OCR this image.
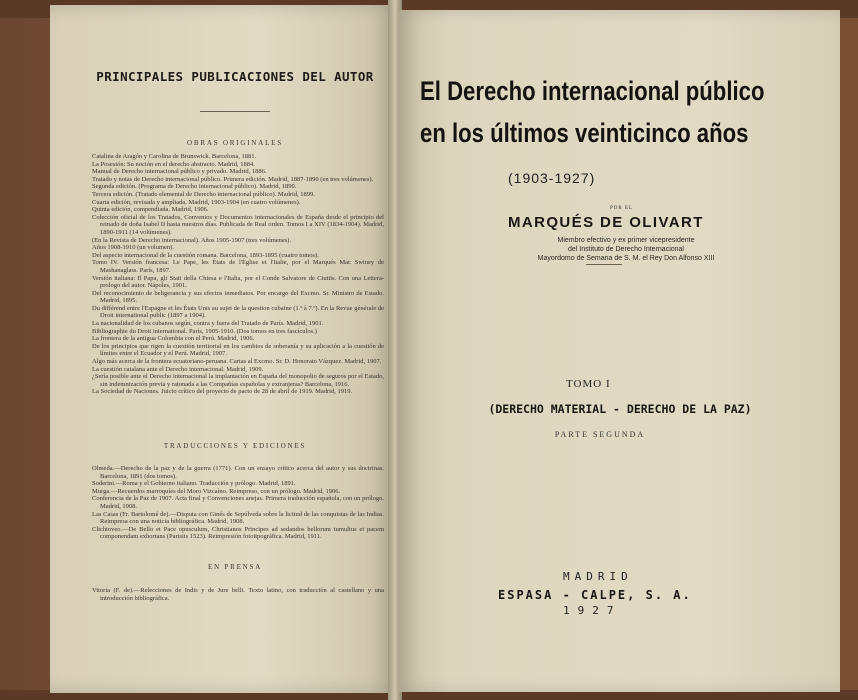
PRINCIPALES PUBLICACIONES DEL AUTOR
OBRAS ORIGINALES

Catalina de Aragón y Carolina de Brunswick. Barcelona, 1881.

La Posesión: Su noción en el derecho abstracto. Madrid, 1884.

Manual de Derecho internacional público y privado. Madrid, 1886.

Tratado y notas de Derecho internacional público. Primera edición. Madrid, 1887-1890 (en tres volúmenes).

Segunda edición. (Programa de Derecho internacional público). Madrid, 1890.

Tercera edición. (Tratado elemental de Derecho internacional público). Madrid, 1899.

Cuarta edición, revisada y ampliada. Madrid, 1903-1904 (en cuatro volúmenes).

Quinta edición, compendiada. Madrid, 1906.

Colección oficial de los Tratados, Convenios y Documentos internacionales de España desde el principio del reinado de doña Isabel II hasta nuestros días. Publicada de Real orden. Tomos I a XIV (1834-1904). Madrid, 1890-1911 (14 volúmenes).

(En la Revista de Derecho internacional). Años 1905-1907 (tres volúmenes).

Años 1908-1910 (un volumen).

Del aspecto internacional de la cuestión romana. Barcelona, 1893-1895 (cuatro tomos).

Tomo IV. Versión francesa: Le Pape, les États de l'Église et l'Italie, por el Marqués Mac Swiney de Mashanaglass. París, 1897.

Versión italiana: Il Papa, gli Stati della Chiesa e l'Italia, por el Conde Salvatore de Ciutiis. Con una Lettera-prologo del autor. Nápoles, 1901.

Del reconocimiento de beligerancia y sus efectos inmediatos. Por encargo del Excmo. Sr. Ministro de Estado. Madrid, 1895.

Du différend entre l'Espagne et les États Unis au sujet de la question cubaine (1.º à 7.º). En la Revue générale de Droit international public (1897 a 1904).

La nacionalidad de los cubanos según, contra y fuera del Tratado de París. Madrid, 1901.

Bibliographie du Droit international. París, 1905-1910. (Dos tomos en tres fascículos.)

La frontera de la antigua Colombia con el Perú. Madrid, 1906.

De los principios que rigen la cuestión territorial en los cambios de soberanía y su aplicación a la cuestión de límites entre el Ecuador y el Perú. Madrid, 1907.

Algo más acerca de la frontera ecuatoriano-peruana. Cartas al Excmo. Sr. D. Honorato Vázquez. Madrid, 1907.

La cuestión catalana ante el Derecho internacional. Madrid, 1909.

¿Sería posible ante el Derecho internacional la implantación en España del monopolio de seguros por el Estado, sin indemnización previa y ratonada a las Compañías españolas y extranjeras? Barcelona, 1916.

La Sociedad de Naciones. Juicio crítico del proyecto de pacto de 28 de abril de 1919. Madrid, 1919.

TRADUCCIONES Y EDICIONES

Olmeda.—Derecho de la paz y de la guerra (1771). Con un ensayo crítico acerca del autor y sus doctrinas. Barcelona, 1891 (dos tomos).

Soderini.—Roma y el Gobierno italiano. Traducción y prólogo. Madrid, 1891.

Murga.—Recuerdos marroquíes del Moro Vizcaíno. Reimpreso, con un prólogo. Madrid, 1906.

Conferencia de la Paz de 1907. Acta final y Convenciones anejas. Primera traducción española, con un prólogo. Madrid, 1908.

Las Casas (Fr. Bartolomé de).—Disputa con Ginés de Sepúlveda sobre la licitud de las conquistas de las Indias. Reimpresa con una noticia bibliográfica. Madrid, 1908.

Clichtoveo.—De Bello et Pace opusculum, Christianos Principes ad sedandos bellorum tumultus et pacem componendam exhortans (Parisiis 1523). Reimpresión fotoitpográfica. Madrid, 1911.

EN PRENSA

Vitoria (F. de).—Relecciones de Indis y de Jure belli. Texto latino, con traducción al castellano y una introducción bibliográfica.

El Derecho internacional público
en los últimos veinticinco años
(1903-1927)
POR EL
MARQUÉS DE OLIVART
Miembro efectivo y ex primer vicepresidente
del Instituto de Derecho Internacional
Mayordomo de Semana de S. M. el Rey Don Alfonso XIII
TOMO I
(DERECHO MATERIAL - DERECHO DE LA PAZ)
PARTE SEGUNDA
MADRID
ESPASA - CALPE, S. A.
1927
